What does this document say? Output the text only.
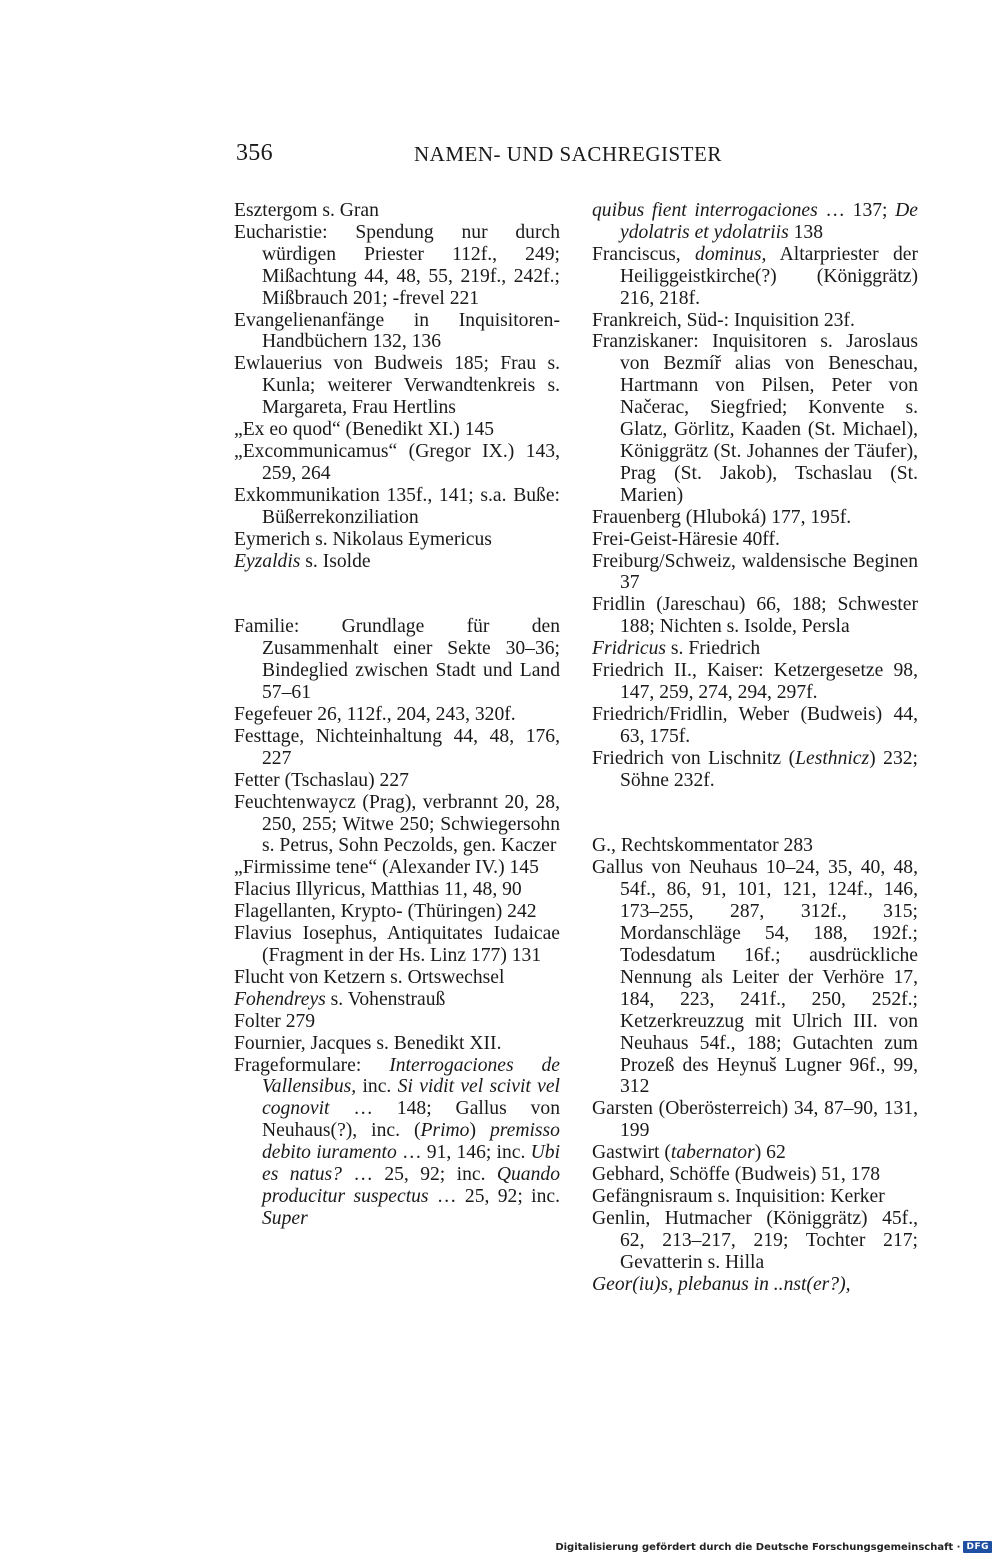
356	NAMEN- UND SACHREGISTER

Esztergom s. Gran

Eucharistie: Spendung nur durch würdigen Priester 112f., 249; Mißachtung 44, 48, 55, 219f., 242f.; Mißbrauch 201; -frevel 221

Evangelienanfänge in Inquisitoren-Handbüchern 132, 136

Ewlauerius von Budweis 185; Frau s. Kunla; weiterer Verwandtenkreis s. Margareta, Frau Hertlins

„Ex eo quod“ (Benedikt XI.) 145

„Excommunicamus“ (Gregor IX.) 143, 259, 264

Exkommunikation 135f., 141; s.a. Buße: Büßerrekonziliation

Eymerich s. Nikolaus Eymericus

Eyzaldis s. Isolde

Familie: Grundlage für den Zusammenhalt einer Sekte 30–36; Bindeglied zwischen Stadt und Land 57–61

Fegefeuer 26, 112f., 204, 243, 320f.

Festtage, Nichteinhaltung 44, 48, 176, 227

Fetter (Tschaslau) 227

Feuchtenwaycz (Prag), verbrannt 20, 28, 250, 255; Witwe 250; Schwiegersohn s. Petrus, Sohn Peczolds, gen. Kaczer

„Firmissime tene“ (Alexander IV.) 145

Flacius Illyricus, Matthias 11, 48, 90

Flagellanten, Krypto- (Thüringen) 242

Flavius Iosephus, Antiquitates Iudaicae (Fragment in der Hs. Linz 177) 131

Flucht von Ketzern s. Ortswechsel

Fohendreys s. Vohenstrauß

Folter 279

Fournier, Jacques s. Benedikt XII.

Frageformulare: Interrogaciones de Vallensibus, inc. Si vidit vel scivit vel cognovit … 148; Gallus von Neuhaus(?), inc. (Primo) premisso debito iuramento … 91, 146; inc. Ubi es natus? … 25, 92; inc. Quando producitur suspectus … 25, 92; inc. Super

quibus fient interrogaciones … 137; De ydolatris et ydolatriis 138

Franciscus, dominus, Altarpriester der Heiliggeistkirche(?) (Königgrätz) 216, 218f.

Frankreich, Süd-: Inquisition 23f.

Franziskaner: Inquisitoren s. Jaroslaus von Bezmíř alias von Beneschau, Hartmann von Pilsen, Peter von Načerac, Siegfried; Konvente s. Glatz, Görlitz, Kaaden (St. Michael), Königgrätz (St. Johannes der Täufer), Prag (St. Jakob), Tschaslau (St. Marien)

Frauenberg (Hluboká) 177, 195f.

Frei-Geist-Häresie 40ff.

Freiburg/Schweiz, waldensische Beginen 37

Fridlin (Jareschau) 66, 188; Schwester 188; Nichten s. Isolde, Persla

Fridricus s. Friedrich

Friedrich II., Kaiser: Ketzergesetze 98, 147, 259, 274, 294, 297f.

Friedrich/Fridlin, Weber (Budweis) 44, 63, 175f.

Friedrich von Lischnitz (Lesthnicz) 232; Söhne 232f.

G., Rechtskommentator 283

Gallus von Neuhaus 10–24, 35, 40, 48, 54f., 86, 91, 101, 121, 124f., 146, 173–255, 287, 312f., 315; Mordanschläge 54, 188, 192f.; Todesdatum 16f.; ausdrückliche Nennung als Leiter der Verhöre 17, 184, 223, 241f., 250, 252f.; Ketzerkreuzzug mit Ulrich III. von Neuhaus 54f., 188; Gutachten zum Prozeß des Heynuš Lugner 96f., 99, 312

Garsten (Oberösterreich) 34, 87–90, 131, 199

Gastwirt (tabernator) 62

Gebhard, Schöffe (Budweis) 51, 178

Gefängnisraum s. Inquisition: Kerker

Genlin, Hutmacher (Königgrätz) 45f., 62, 213–217, 219; Tochter 217; Gevatterin s. Hilla

Geor(iu)s, plebanus in ..nst(er?),

Digitalisierung gefördert durch die Deutsche Forschungsgemeinschaft · DFG
